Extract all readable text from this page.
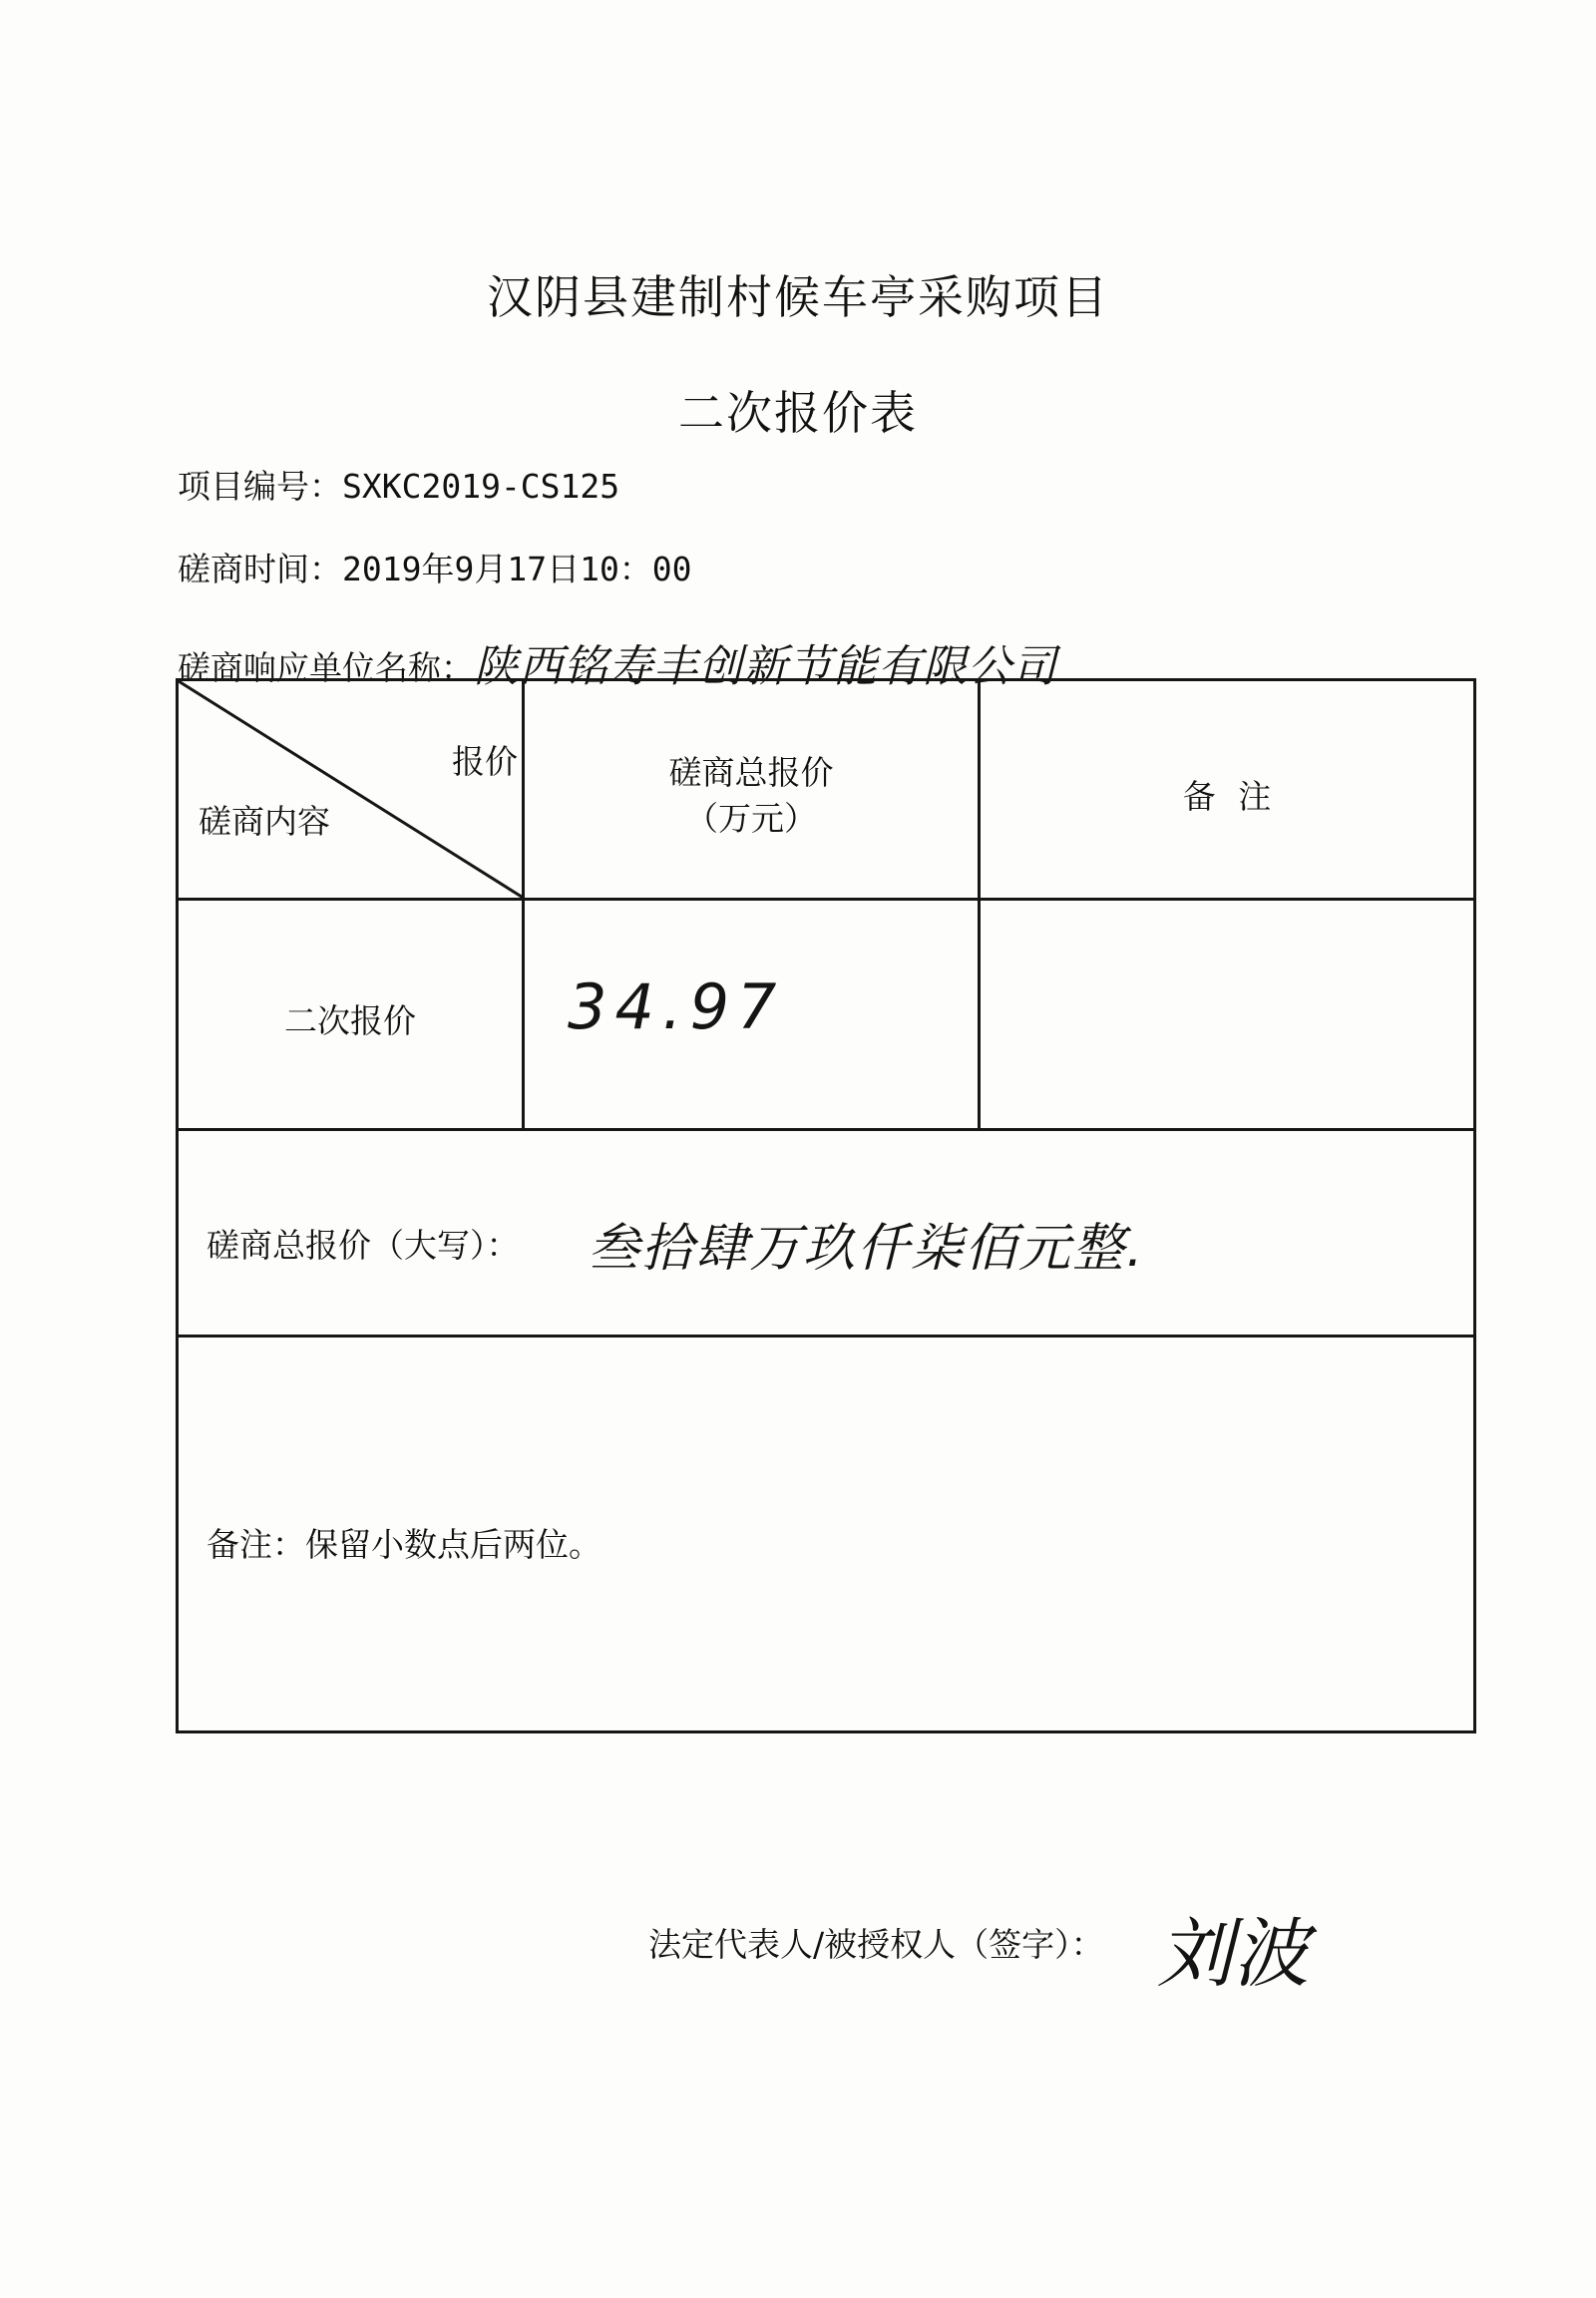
汉阴县建制村候车亭采购项目
二次报价表
项目编号：SXKC2019-CS125
磋商时间：2019年9月17日10：00
磋商响应单位名称：陕西铭寿丰创新节能有限公司
报价
磋商内容
磋商总报价
（万元）
备 注
二次报价	34.97
磋商总报价（大写）：	叁拾肆万玖仟柒佰元整.
备注：保留小数点后两位。
法定代表人/被授权人（签字）： 刘波
